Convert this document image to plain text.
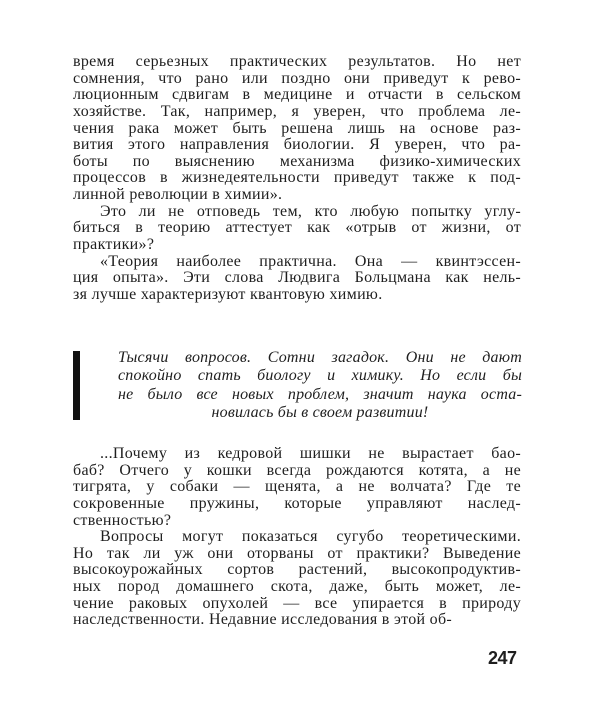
время серьезных практических результатов. Но нет
сомнения, что рано или поздно они приведут к рево-
люционным сдвигам в медицине и отчасти в сельском
хозяйстве. Так, например, я уверен, что проблема ле-
чения рака может быть решена лишь на основе раз-
вития этого направления биологии. Я уверен, что ра-
боты по выяснению механизма физико-химических
процессов в жизнедеятельности приведут также к под-
линной революции в химии».
Это ли не отповедь тем, кто любую попытку углу-
биться в теорию аттестует как «отрыв от жизни, от
практики»?
«Теория наиболее практична. Она — квинтэссен-
ция опыта». Эти слова Людвига Больцмана как нель-
зя лучше характеризуют квантовую химию.
Тысячи вопросов. Сотни загадок. Они не дают
спокойно спать биологу и химику. Но если бы
не было все новых проблем, значит наука оста-
новилась бы в своем развитии!
...Почему из кедровой шишки не вырастает бао-
баб? Отчего у кошки всегда рождаются котята, а не
тигрята, у собаки — щенята, а не волчата? Где те
сокровенные пружины, которые управляют наслед-
ственностью?
Вопросы могут показаться сугубо теоретическими.
Но так ли уж они оторваны от практики? Выведение
высокоурожайных сортов растений, высокопродуктив-
ных пород домашнего скота, даже, быть может, ле-
чение раковых опухолей — все упирается в природу
наследственности. Недавние исследования в этой об-
247
